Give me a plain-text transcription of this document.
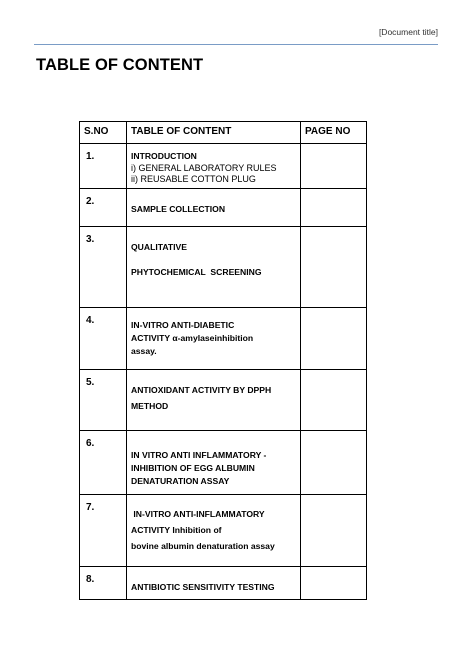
[Document title]
TABLE OF CONTENT
S.NO	TABLE OF CONTENT	PAGE NO
1.	INTRODUCTION
i) GENERAL LABORATORY RULES
ii) REUSABLE COTTON PLUG	

2.	SAMPLE COLLECTION	

3.	QUALITATIVE
PHYTOCHEMICAL  SCREENING	

4.	IN-VITRO ANTI-DIABETIC
ACTIVITY α-amylaseinhibition
assay.	

5.	ANTIOXIDANT ACTIVITY BY DPPH
METHOD	

6.	IN VITRO ANTI INFLAMMATORY -
INHIBITION OF EGG ALBUMIN
DENATURATION ASSAY	

7.	IN-VITRO ANTI-INFLAMMATORY
ACTIVITY Inhibition of
bovine albumin denaturation assay	

8.	ANTIBIOTIC SENSITIVITY TESTING	
